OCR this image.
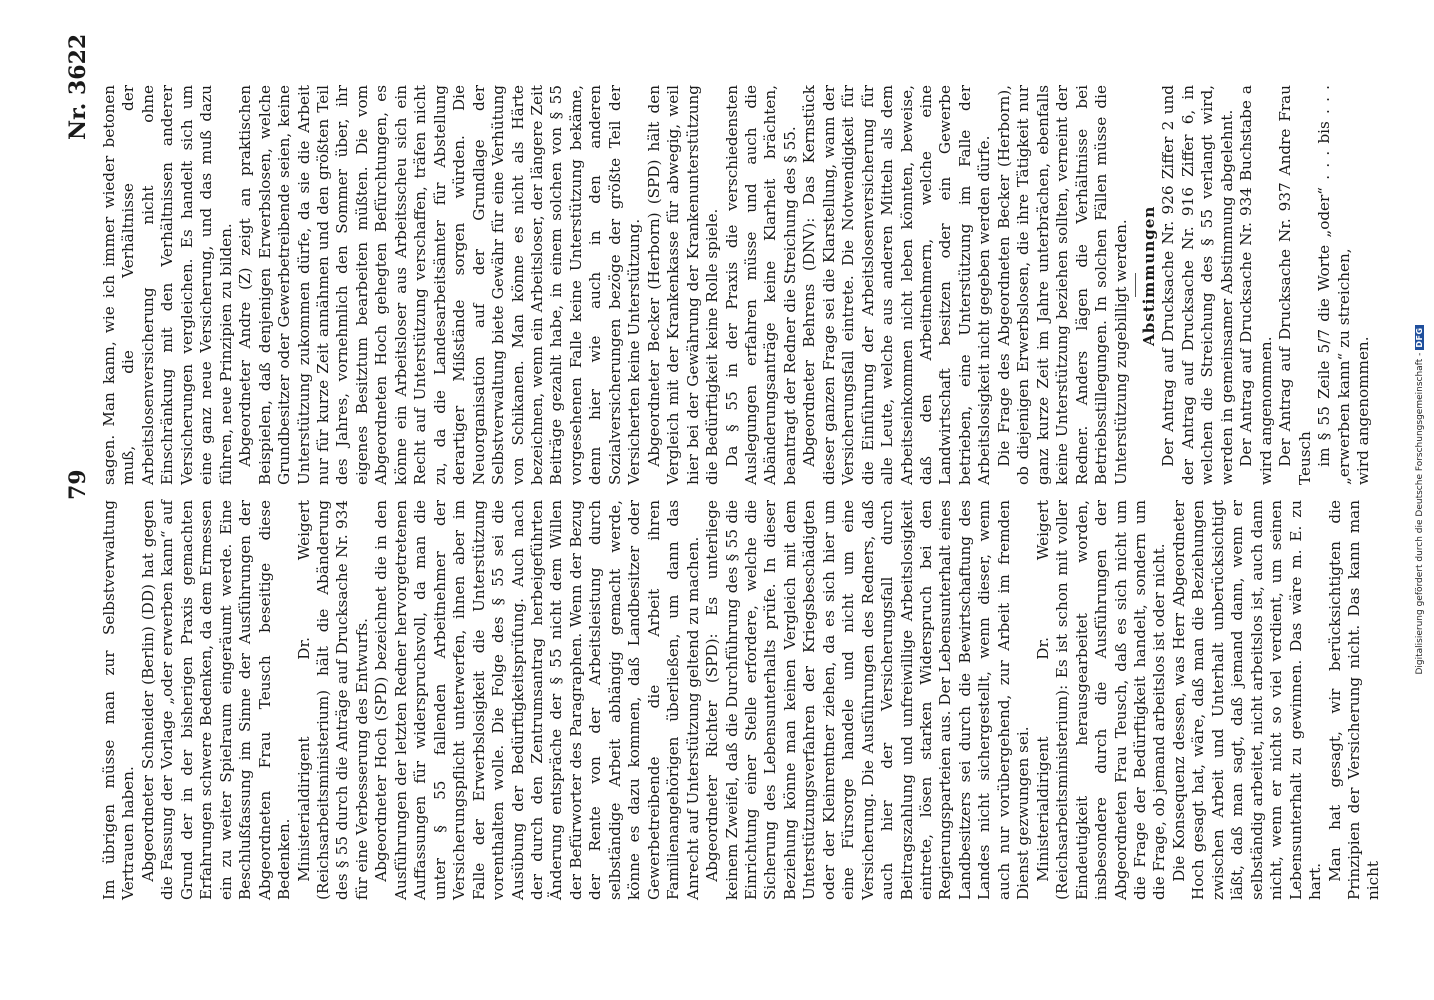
79
Nr. 3622

Im übrigen müsse man zur Selbstverwaltung Vertrauen haben. Abgeordneter Schneider (Berlin) (DD) hat gegen die Fassung der Vorlage „oder erwerben kann“ auf Grund der in der bisherigen Praxis gemachten Erfahrungen schwere Bedenken, da dem Ermessen ein zu weiter Spielraum eingeräumt werde. Eine Beschlußfassung im Sinne der Ausführungen der Abgeordneten Frau Teusch beseitige diese Bedenken. Ministerialdirigent Dr. Weigert (Reichsarbeitsministerium) hält die Abänderung des § 55 durch die Anträge auf Drucksache Nr. 934 für eine Verbesserung des Entwurfs. Abgeordneter Hoch (SPD) bezeichnet die in den Ausführungen der letzten Redner hervorgetretenen Auffassungen für widerspruchsvoll, da man die unter § 55 fallenden Arbeitnehmer der Versicherungspflicht unterwerfen, ihnen aber im Falle der Erwerbslosigkeit die Unterstützung vorenthalten wolle. Die Folge des § 55 sei die Ausübung der Bedürftigkeitsprüfung. Auch nach der durch den Zentrumsantrag herbeigeführten Änderung entspräche der § 55 nicht dem Willen der Befürworter des Paragraphen. Wenn der Bezug der Rente von der Arbeitsleistung durch selbständige Arbeit abhängig gemacht werde, könne es dazu kommen, daß Landbesitzer oder Gewerbetreibende die Arbeit ihren Familienangehörigen überließen, um dann das Anrecht auf Unterstützung geltend zu machen. Abgeordneter Richter (SPD): Es unterliege keinem Zweifel, daß die Durchführung des § 55 die Einrichtung einer Stelle erfordere, welche die Sicherung des Lebensunterhalts prüfe. In dieser Beziehung könne man keinen Vergleich mit dem Unterstützungsverfahren der Kriegsbeschädigten oder der Kleinrentner ziehen, da es sich hier um eine Fürsorge handele und nicht um eine Versicherung. Die Ausführungen des Redners, daß auch hier der Versicherungsfall durch Beitragszahlung und unfreiwillige Arbeitslosigkeit eintrete, lösen starken Widerspruch bei den Regierungsparteien aus. Der Lebensunterhalt eines Landbesitzers sei durch die Bewirtschaftung des Landes nicht sichergestellt, wenn dieser, wenn auch nur vorübergehend, zur Arbeit im fremden Dienst gezwungen sei. Ministerialdirigent Dr. Weigert (Reichsarbeitsministerium): Es ist schon mit voller Eindeutigkeit herausgearbeitet worden, insbesondere durch die Ausführungen der Abgeordneten Frau Teusch, daß es sich nicht um die Frage der Bedürftigkeit handelt, sondern um die Frage, ob jemand arbeitslos ist oder nicht. Die Konsequenz dessen, was Herr Abgeordneter Hoch gesagt hat, wäre, daß man die Beziehungen zwischen Arbeit und Unterhalt unberücksichtigt läßt, daß man sagt, daß jemand dann, wenn er selbständig arbeitet, nicht arbeitslos ist, auch dann nicht, wenn er nicht so viel verdient, um seinen Lebensunterhalt zu gewinnen. Das wäre m. E. zu hart. Man hat gesagt, wir berücksichtigten die Prinzipien der Versicherung nicht. Das kann man nicht

sagen. Man kann, wie ich immer wieder betonen muß, die Verhältnisse der Arbeitslosenversicherung nicht ohne Einschränkung mit den Verhältnissen anderer Versicherungen vergleichen. Es handelt sich um eine ganz neue Versicherung, und das muß dazu führen, neue Prinzipien zu bilden. Abgeordneter Andre (Z) zeigt an praktischen Beispielen, daß denjenigen Erwerbslosen, welche Grundbesitzer oder Gewerbetreibende seien, keine Unterstützung zukommen dürfe, da sie die Arbeit nur für kurze Zeit annähmen und den größten Teil des Jahres, vornehmlich den Sommer über, ihr eigenes Besitztum bearbeiten müßten. Die vom Abgeordneten Hoch gehegten Befürchtungen, es könne ein Arbeitsloser aus Arbeitsscheu sich ein Recht auf Unterstützung verschaffen, träfen nicht zu, da die Landesarbeitsämter für Abstellung derartiger Mißstände sorgen würden. Die Neuorganisation auf der Grundlage der Selbstverwaltung biete Gewähr für eine Verhütung von Schikanen. Man könne es nicht als Härte bezeichnen, wenn ein Arbeitsloser, der längere Zeit Beiträge gezahlt habe, in einem solchen von § 55 vorgesehenen Falle keine Unterstützung bekäme, denn hier wie auch in den anderen Sozialversicherungen bezöge der größte Teil der Versicherten keine Unterstützung. Abgeordneter Becker (Herborn) (SPD) hält den Vergleich mit der Krankenkasse für abwegig, weil hier bei der Gewährung der Krankenunterstützung die Bedürftigkeit keine Rolle spiele. Da § 55 in der Praxis die verschiedensten Auslegungen erfahren müsse und auch die Abänderungsanträge keine Klarheit brächten, beantragt der Redner die Streichung des § 55. Abgeordneter Behrens (DNV): Das Kernstück dieser ganzen Frage sei die Klarstellung, wann der Versicherungsfall eintrete. Die Notwendigkeit für die Einführung der Arbeitslosenversicherung für alle Leute, welche aus anderen Mitteln als dem Arbeitseinkommen nicht leben könnten, beweise, daß den Arbeitnehmern, welche eine Landwirtschaft besitzen oder ein Gewerbe betrieben, eine Unterstützung im Falle der Arbeitslosigkeit nicht gegeben werden dürfe. Die Frage des Abgeordneten Becker (Herborn), ob diejenigen Erwerbslosen, die ihre Tätigkeit nur ganz kurze Zeit im Jahre unterbrächen, ebenfalls keine Unterstützung beziehen sollten, verneint der Redner. Anders lägen die Verhältnisse bei Betriebsstillegungen. In solchen Fällen müsse die Unterstützung zugebilligt werden. Abstimmungen Der Antrag auf Drucksache Nr. 926 Ziffer 2 und der Antrag auf Drucksache Nr. 916 Ziffer 6, in welchen die Streichung des § 55 verlangt wird, werden in gemeinsamer Abstimmung abgelehnt. Der Antrag auf Drucksache Nr. 934 Buchstabe a wird angenommen. Der Antrag auf Drucksache Nr. 937 Andre Frau Teusch im § 55 Zeile 5/7 die Worte „oder“ . . . bis . . . „erwerben kann“ zu streichen, wird angenommen.	Digitalisierung gefördert durch die Deutsche Forschungsgemeinschaft -DFG
